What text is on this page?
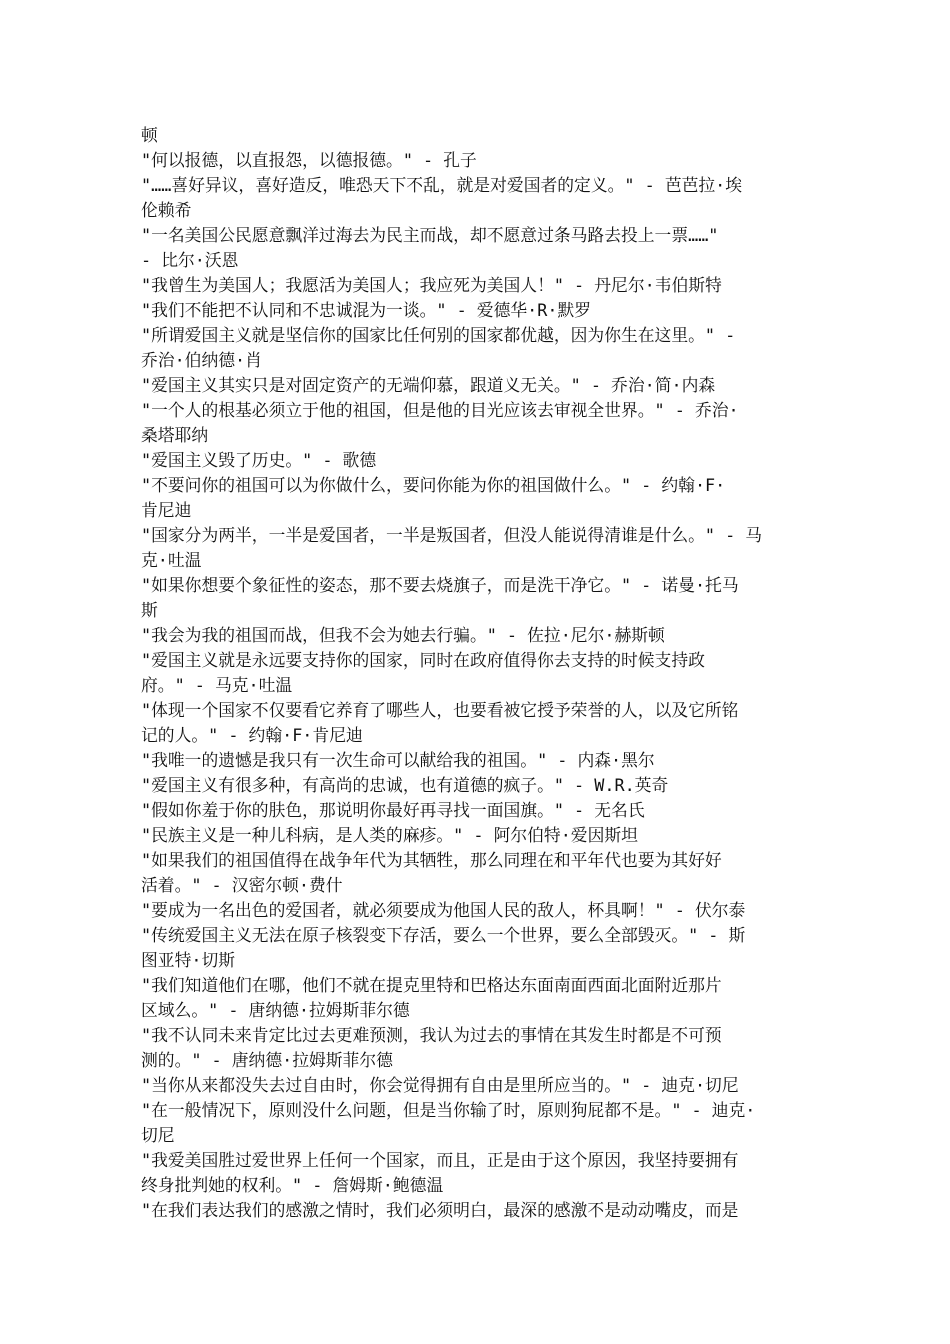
顿
"何以报德，以直报怨，以德报德。" - 孔子
"……喜好异议，喜好造反，唯恐天下不乱，就是对爱国者的定义。" - 芭芭拉·埃
伦赖希
"一名美国公民愿意飘洋过海去为民主而战，却不愿意过条马路去投上一票……"
- 比尔·沃恩
"我曾生为美国人；我愿活为美国人；我应死为美国人！" - 丹尼尔·韦伯斯特
"我们不能把不认同和不忠诚混为一谈。" - 爱德华·R·默罗
"所谓爱国主义就是坚信你的国家比任何别的国家都优越，因为你生在这里。" -
乔治·伯纳德·肖
"爱国主义其实只是对固定资产的无端仰慕，跟道义无关。" - 乔治·简·内森
"一个人的根基必须立于他的祖国，但是他的目光应该去审视全世界。" - 乔治·
桑塔耶纳
"爱国主义毁了历史。" - 歌德
"不要问你的祖国可以为你做什么，要问你能为你的祖国做什么。" - 约翰·F·
肯尼迪
"国家分为两半，一半是爱国者，一半是叛国者，但没人能说得清谁是什么。" - 马
克·吐温
"如果你想要个象征性的姿态，那不要去烧旗子，而是洗干净它。" - 诺曼·托马
斯
"我会为我的祖国而战，但我不会为她去行骗。" - 佐拉·尼尔·赫斯顿
"爱国主义就是永远要支持你的国家，同时在政府值得你去支持的时候支持政
府。" - 马克·吐温
"体现一个国家不仅要看它养育了哪些人，也要看被它授予荣誉的人，以及它所铭
记的人。" - 约翰·F·肯尼迪
"我唯一的遗憾是我只有一次生命可以献给我的祖国。" - 内森·黑尔
"爱国主义有很多种，有高尚的忠诚，也有道德的疯子。" - W.R.英奇
"假如你羞于你的肤色，那说明你最好再寻找一面国旗。" - 无名氏
"民族主义是一种儿科病，是人类的麻疹。" - 阿尔伯特·爱因斯坦
"如果我们的祖国值得在战争年代为其牺牲，那么同理在和平年代也要为其好好
活着。" - 汉密尔顿·费什
"要成为一名出色的爱国者，就必须要成为他国人民的敌人，杯具啊！" - 伏尔泰
"传统爱国主义无法在原子核裂变下存活，要么一个世界，要么全部毁灭。" - 斯
图亚特·切斯
"我们知道他们在哪，他们不就在提克里特和巴格达东面南面西面北面附近那片
区域么。" - 唐纳德·拉姆斯菲尔德
"我不认同未来肯定比过去更难预测，我认为过去的事情在其发生时都是不可预
测的。" - 唐纳德·拉姆斯菲尔德
"当你从来都没失去过自由时，你会觉得拥有自由是里所应当的。" - 迪克·切尼
"在一般情况下，原则没什么问题，但是当你输了时，原则狗屁都不是。" - 迪克·
切尼
"我爱美国胜过爱世界上任何一个国家，而且，正是由于这个原因，我坚持要拥有
终身批判她的权利。" - 詹姆斯·鲍德温
"在我们表达我们的感激之情时，我们必须明白，最深的感激不是动动嘴皮，而是
